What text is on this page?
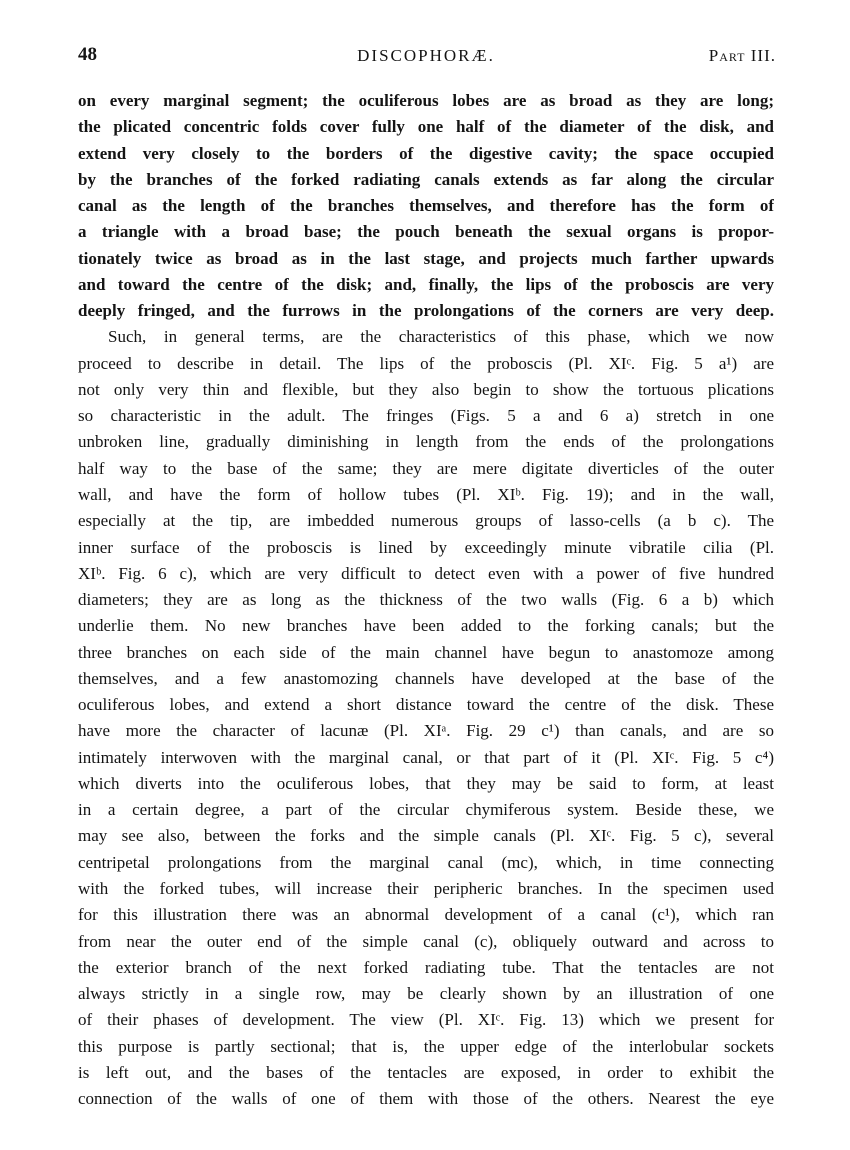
48	DISCOPHORÆ.	Part III.
on every marginal segment; the oculiferous lobes are as broad as they are long;
the plicated concentric folds cover fully one half of the diameter of the disk, and
extend very closely to the borders of the digestive cavity; the space occupied
by the branches of the forked radiating canals extends as far along the circular
canal as the length of the branches themselves, and therefore has the form of
a triangle with a broad base; the pouch beneath the sexual organs is propor-
tionately twice as broad as in the last stage, and projects much farther upwards
and toward the centre of the disk; and, finally, the lips of the proboscis are very
deeply fringed, and the furrows in the prolongations of the corners are very deep.
Such, in general terms, are the characteristics of this phase, which we now
proceed to describe in detail. The lips of the proboscis (Pl. XIᶜ. Fig. 5 a¹) are
not only very thin and flexible, but they also begin to show the tortuous plications
so characteristic in the adult. The fringes (Figs. 5 a and 6 a) stretch in one
unbroken line, gradually diminishing in length from the ends of the prolongations
half way to the base of the same; they are mere digitate diverticles of the outer
wall, and have the form of hollow tubes (Pl. XIᵇ. Fig. 19); and in the wall,
especially at the tip, are imbedded numerous groups of lasso-cells (a b c). The
inner surface of the proboscis is lined by exceedingly minute vibratile cilia (Pl.
XIᵇ. Fig. 6 c), which are very difficult to detect even with a power of five hundred
diameters; they are as long as the thickness of the two walls (Fig. 6 a b) which
underlie them. No new branches have been added to the forking canals; but the
three branches on each side of the main channel have begun to anastomoze among
themselves, and a few anastomozing channels have developed at the base of the
oculiferous lobes, and extend a short distance toward the centre of the disk. These
have more the character of lacunæ (Pl. XIᵃ. Fig. 29 c¹) than canals, and are so
intimately interwoven with the marginal canal, or that part of it (Pl. XIᶜ. Fig. 5 c⁴)
which diverts into the oculiferous lobes, that they may be said to form, at least
in a certain degree, a part of the circular chymiferous system. Beside these, we
may see also, between the forks and the simple canals (Pl. XIᶜ. Fig. 5 c), several
centripetal prolongations from the marginal canal (mc), which, in time connecting
with the forked tubes, will increase their peripheric branches. In the specimen used
for this illustration there was an abnormal development of a canal (c¹), which ran
from near the outer end of the simple canal (c), obliquely outward and across to
the exterior branch of the next forked radiating tube. That the tentacles are not
always strictly in a single row, may be clearly shown by an illustration of one
of their phases of development. The view (Pl. XIᶜ. Fig. 13) which we present for
this purpose is partly sectional; that is, the upper edge of the interlobular sockets
is left out, and the bases of the tentacles are exposed, in order to exhibit the
connection of the walls of one of them with those of the others. Nearest the eye
